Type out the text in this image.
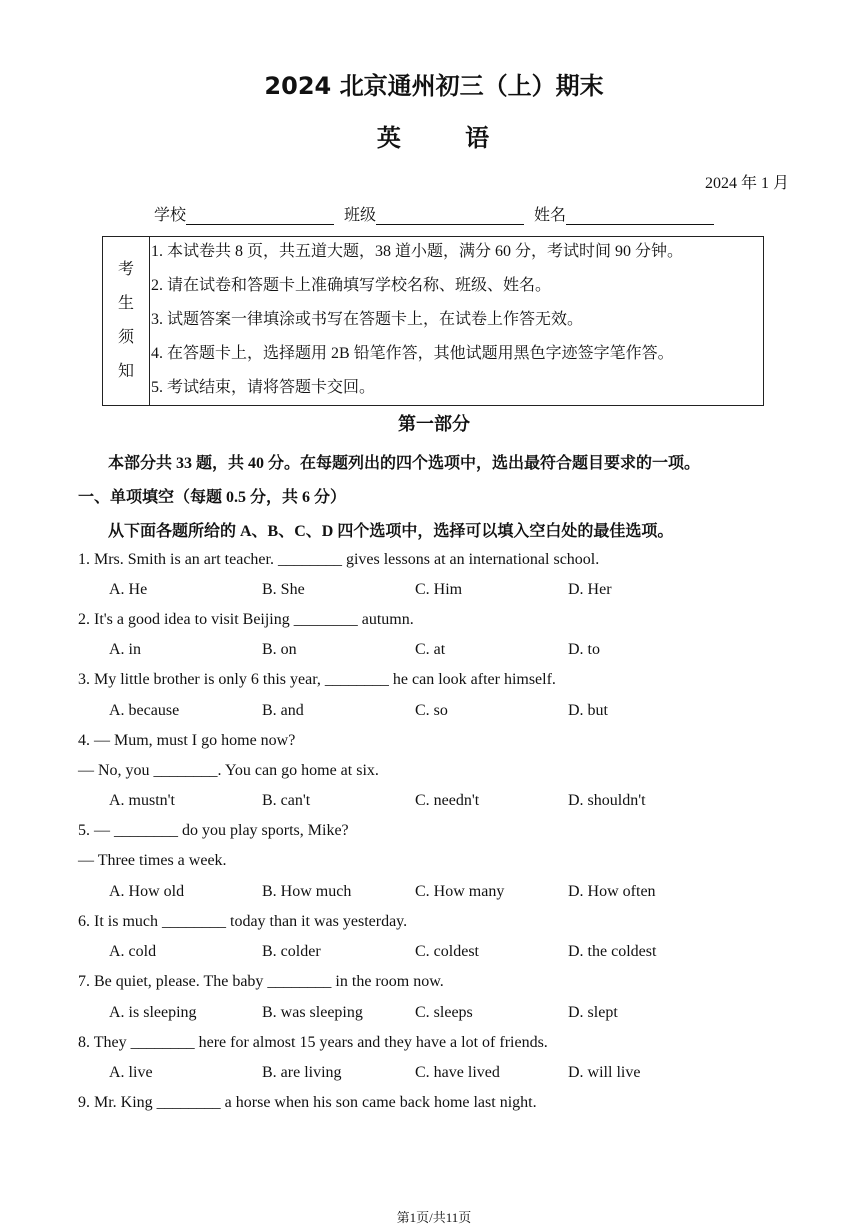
2024 北京通州初三（上）期末
英	语
2024 年 1 月
学校	班级	姓名
考
生
须
知
1. 本试卷共 8 页，共五道大题，38 道小题，满分 60 分，考试时间 90 分钟。
2. 请在试卷和答题卡上准确填写学校名称、班级、姓名。
3. 试题答案一律填涂或书写在答题卡上，在试卷上作答无效。
4. 在答题卡上，选择题用 2B 铅笔作答，其他试题用黑色字迹签字笔作答。
5. 考试结束，请将答题卡交回。
第一部分
本部分共 33 题，共 40 分。在每题列出的四个选项中，选出最符合题目要求的一项。
一、单项填空（每题 0.5 分，共 6 分）
从下面各题所给的 A、B、C、D 四个选项中，选择可以填入空白处的最佳选项。
1. Mrs. Smith is an art teacher. ________ gives lessons at an international school.
A. He	B. She	C. Him	D. Her
2. It's a good idea to visit Beijing ________ autumn.
A. in	B. on	C. at	D. to
3. My little brother is only 6 this year, ________ he can look after himself.
A. because	B. and	C. so	D. but
4. — Mum, must I go home now?
— No, you ________. You can go home at six.
A. mustn't	B. can't	C. needn't	D. shouldn't
5. — ________ do you play sports, Mike?
— Three times a week.
A. How old	B. How much	C. How many	D. How often
6. It is much ________ today than it was yesterday.
A. cold	B. colder	C. coldest	D. the coldest
7. Be quiet, please. The baby ________ in the room now.
A. is sleeping	B. was sleeping	C. sleeps	D. slept
8. They ________ here for almost 15 years and they have a lot of friends.
A. live	B. are living	C. have lived	D. will live
9. Mr. King ________ a horse when his son came back home last night.
第1页/共11页
